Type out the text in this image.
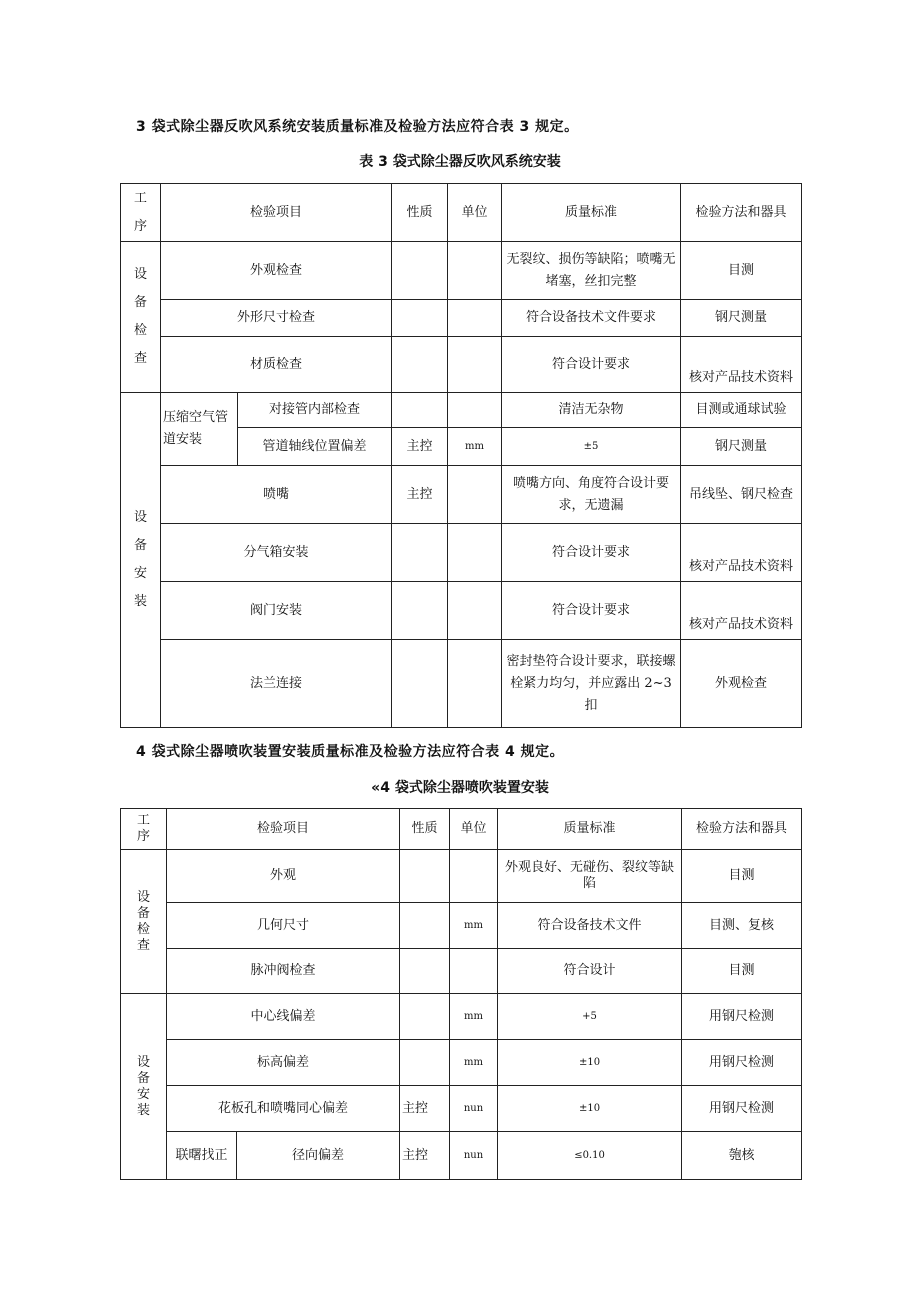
3 袋式除尘器反吹风系统安装质量标准及检验方法应符合表 3 规定。
表 3 袋式除尘器反吹风系统安装
工序	检验项目		性质	单位	质量标准	检验方法和器具

设备检查	外观检查				无裂纹、损伤等缺陷；喷嘴无堵塞，丝扣完整	目测
	外形尺寸检查				符合设备技术文件要求	钢尺测量
	材质检查				符合设计要求	核对产品技术资料

设备安装	压缩空气管道安装	对接管内部检查			清洁无杂物	目测或通球试验
		管道轴线位置偏差	主控	mm	±5	钢尺测量
	喷嘴		主控		喷嘴方向、角度符合设计要求，无遗漏	吊线坠、钢尺检查
	分气箱安装				符合设计要求	核对产品技术资料
	阀门安装				符合设计要求	核对产品技术资料
	法兰连接				密封垫符合设计要求，联接螺栓紧力均匀，并应露出 2~3 扣	外观检查
4 袋式除尘器喷吹装置安装质量标准及检验方法应符合表 4 规定。
«4 袋式除尘器喷吹装置安装
工序	检验项目		性质	单位	质量标准	检验方法和器具

设备检查	外观				外观良好、无碰伤、裂纹等缺陷	目测
	几何尺寸			mm	符合设备技术文件	目测、复核
	脉冲阀检查				符合设计	目测

设备安装	中心线偏差			mm	+5	用钢尺检测
	标高偏差			mm	±10	用钢尺检测
	花板孔和喷嘴同心偏差		主控	nun	±10	用钢尺检测
	联曙找正	径向偏差	主控	nun	≤0.10	匏核
